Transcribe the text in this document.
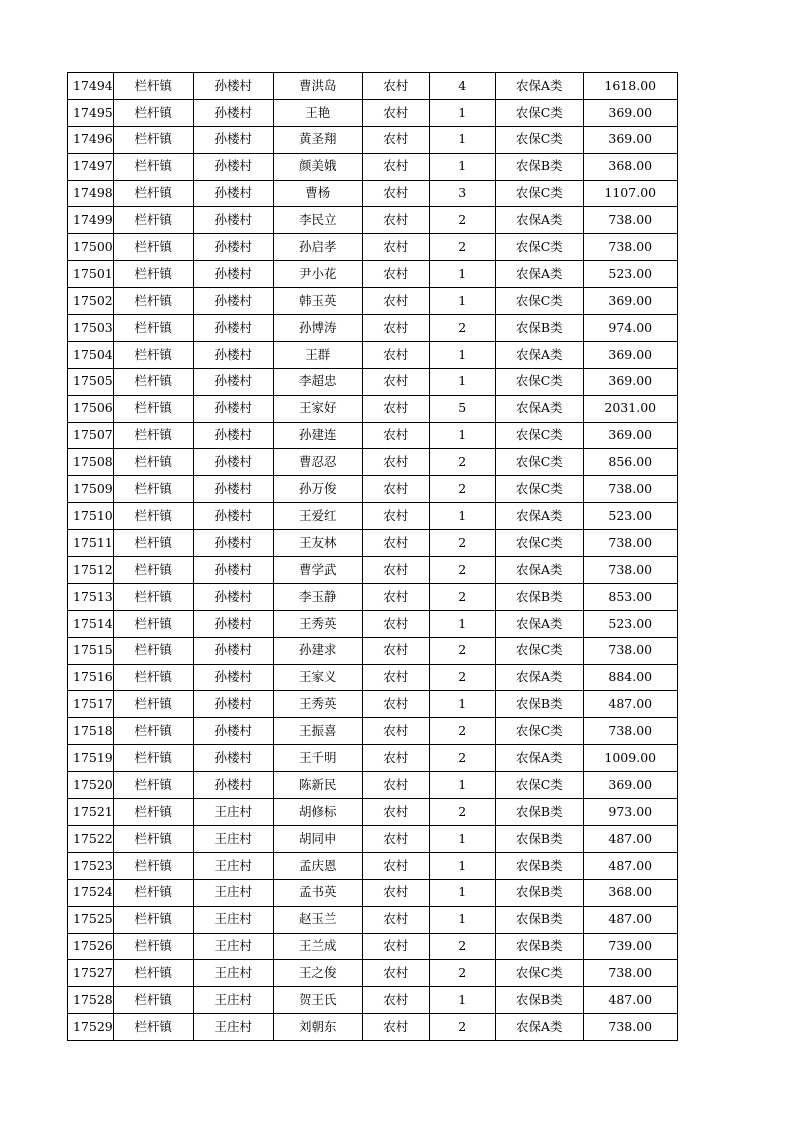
17494	栏杆镇	孙楼村	曹洪岛	农村	4	农保A类	1618.00
17495	栏杆镇	孙楼村	王艳	农村	1	农保C类	369.00
17496	栏杆镇	孙楼村	黄圣翔	农村	1	农保C类	369.00
17497	栏杆镇	孙楼村	颜美娥	农村	1	农保B类	368.00
17498	栏杆镇	孙楼村	曹杨	农村	3	农保C类	1107.00
17499	栏杆镇	孙楼村	李民立	农村	2	农保A类	738.00
17500	栏杆镇	孙楼村	孙启孝	农村	2	农保C类	738.00
17501	栏杆镇	孙楼村	尹小花	农村	1	农保A类	523.00
17502	栏杆镇	孙楼村	韩玉英	农村	1	农保C类	369.00
17503	栏杆镇	孙楼村	孙博涛	农村	2	农保B类	974.00
17504	栏杆镇	孙楼村	王群	农村	1	农保A类	369.00
17505	栏杆镇	孙楼村	李超忠	农村	1	农保C类	369.00
17506	栏杆镇	孙楼村	王家好	农村	5	农保A类	2031.00
17507	栏杆镇	孙楼村	孙建连	农村	1	农保C类	369.00
17508	栏杆镇	孙楼村	曹忍忍	农村	2	农保C类	856.00
17509	栏杆镇	孙楼村	孙万俊	农村	2	农保C类	738.00
17510	栏杆镇	孙楼村	王爱红	农村	1	农保A类	523.00
17511	栏杆镇	孙楼村	王友林	农村	2	农保C类	738.00
17512	栏杆镇	孙楼村	曹学武	农村	2	农保A类	738.00
17513	栏杆镇	孙楼村	李玉静	农村	2	农保B类	853.00
17514	栏杆镇	孙楼村	王秀英	农村	1	农保A类	523.00
17515	栏杆镇	孙楼村	孙建求	农村	2	农保C类	738.00
17516	栏杆镇	孙楼村	王家义	农村	2	农保A类	884.00
17517	栏杆镇	孙楼村	王秀英	农村	1	农保B类	487.00
17518	栏杆镇	孙楼村	王振喜	农村	2	农保C类	738.00
17519	栏杆镇	孙楼村	王千明	农村	2	农保A类	1009.00
17520	栏杆镇	孙楼村	陈新民	农村	1	农保C类	369.00
17521	栏杆镇	王庄村	胡修标	农村	2	农保B类	973.00
17522	栏杆镇	王庄村	胡同申	农村	1	农保B类	487.00
17523	栏杆镇	王庄村	孟庆恩	农村	1	农保B类	487.00
17524	栏杆镇	王庄村	孟书英	农村	1	农保B类	368.00
17525	栏杆镇	王庄村	赵玉兰	农村	1	农保B类	487.00
17526	栏杆镇	王庄村	王兰成	农村	2	农保B类	739.00
17527	栏杆镇	王庄村	王之俊	农村	2	农保C类	738.00
17528	栏杆镇	王庄村	贺王氏	农村	1	农保B类	487.00
17529	栏杆镇	王庄村	刘朝东	农村	2	农保A类	738.00
